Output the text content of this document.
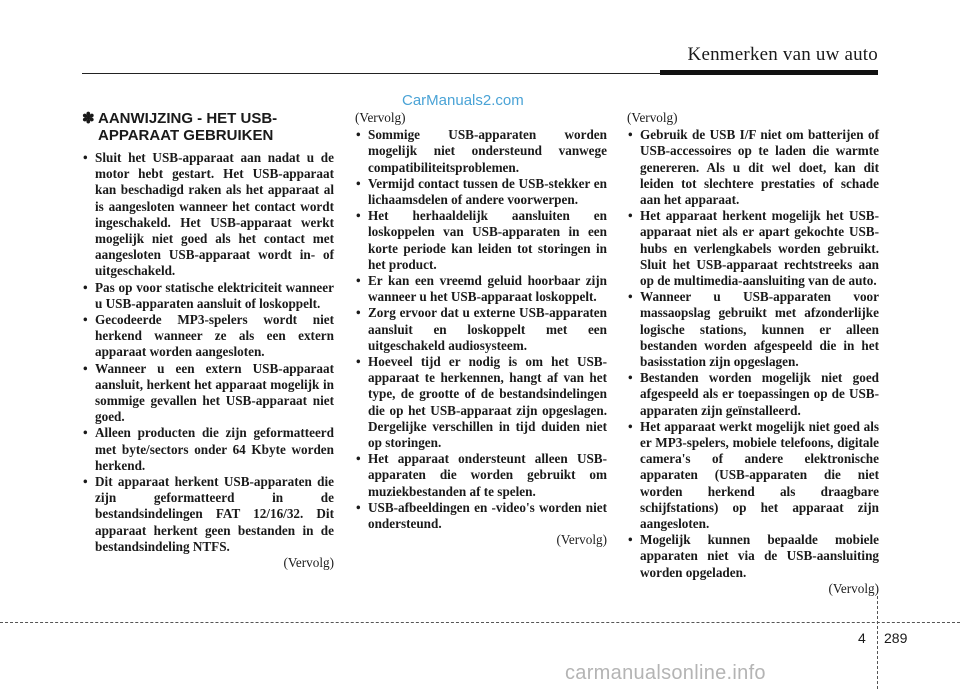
Kenmerken van uw auto
CarManuals2.com
✽ AANWIJZING - HET USB-
APPARAAT GEBRUIKEN
• Sluit het USB-apparaat aan nadat u de motor hebt gestart. Het USB-apparaat kan beschadigd raken als het apparaat al is aangesloten wanneer het contact wordt ingeschakeld. Het USB-apparaat werkt mogelijk niet goed als het contact met aangesloten USB-apparaat wordt in- of uitgeschakeld.
• Pas op voor statische elektriciteit wanneer u USB-apparaten aansluit of loskoppelt.
• Gecodeerde MP3-spelers wordt niet herkend wanneer ze als een extern apparaat worden aangesloten.
• Wanneer u een extern USB-apparaat aansluit, herkent het apparaat mogelijk in sommige gevallen het USB-apparaat niet goed.
• Alleen producten die zijn geformatteerd met byte/sectors onder 64 Kbyte worden herkend.
• Dit apparaat herkent USB-apparaten die zijn geformatteerd in de bestandsindelingen FAT 12/16/32. Dit apparaat herkent geen bestanden in de bestandsindeling NTFS.
(Vervolg)
(Vervolg)
• Sommige USB-apparaten worden mogelijk niet ondersteund vanwege compatibiliteitsproblemen.
• Vermijd contact tussen de USB-stekker en lichaamsdelen of andere voorwerpen.
• Het herhaaldelijk aansluiten en loskoppelen van USB-apparaten in een korte periode kan leiden tot storingen in het product.
• Er kan een vreemd geluid hoorbaar zijn wanneer u het USB-apparaat loskoppelt.
• Zorg ervoor dat u externe USB-apparaten aansluit en loskoppelt met een uitgeschakeld audiosysteem.
• Hoeveel tijd er nodig is om het USB-apparaat te herkennen, hangt af van het type, de grootte of de bestandsindelingen die op het USB-apparaat zijn opgeslagen. Dergelijke verschillen in tijd duiden niet op storingen.
• Het apparaat ondersteunt alleen USB-apparaten die worden gebruikt om muziekbestanden af te spelen.
• USB-afbeeldingen en -video's worden niet ondersteund.
(Vervolg)
(Vervolg)
• Gebruik de USB I/F niet om batterijen of USB-accessoires op te laden die warmte genereren. Als u dit wel doet, kan dit leiden tot slechtere prestaties of schade aan het apparaat.
• Het apparaat herkent mogelijk het USB-apparaat niet als er apart gekochte USB-hubs en verlengkabels worden gebruikt. Sluit het USB-apparaat rechtstreeks aan op de multimedia-aansluiting van de auto.
• Wanneer u USB-apparaten voor massaopslag gebruikt met afzonderlijke logische stations, kunnen er alleen bestanden worden afgespeeld die in het basisstation zijn opgeslagen.
• Bestanden worden mogelijk niet goed afgespeeld als er toepassingen op de USB-apparaten zijn geïnstalleerd.
• Het apparaat werkt mogelijk niet goed als er MP3-spelers, mobiele telefoons, digitale camera's of andere elektronische apparaten (USB-apparaten die niet worden herkend als draagbare schijfstations) op het apparaat zijn aangesloten.
• Mogelijk kunnen bepaalde mobiele apparaten niet via de USB-aansluiting worden opgeladen.
(Vervolg)
4 289
carmanualsonline.info
